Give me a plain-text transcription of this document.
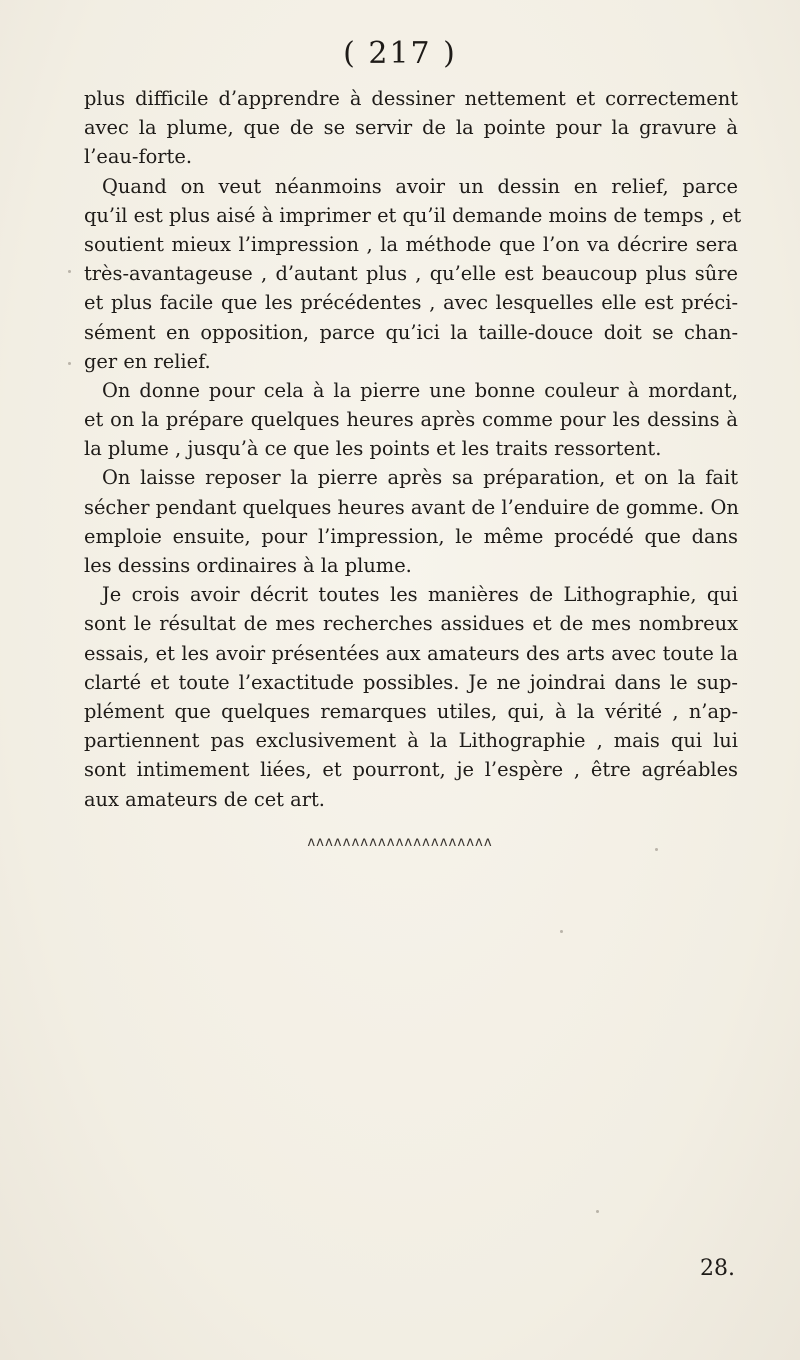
( 217 )
plus difficile d’apprendre à dessiner nettement et correctement
avec la plume, que de se servir de la pointe pour la gravure à
l’eau-forte.
Quand on veut néanmoins avoir un dessin en relief, parce
qu’il est plus aisé à imprimer et qu’il demande moins de temps , et
soutient mieux l’impression , la méthode que l’on va décrire sera
très-avantageuse , d’autant plus , qu’elle est beaucoup plus sûre
et plus facile que les précédentes , avec lesquelles elle est préci-
sément en opposition, parce qu’ici la taille-douce doit se chan-
ger en relief.
On donne pour cela à la pierre une bonne couleur à mordant,
et on la prépare quelques heures après comme pour les dessins à
la plume , jusqu’à ce que les points et les traits ressortent.
On laisse reposer la pierre après sa préparation, et on la fait
sécher pendant quelques heures avant de l’enduire de gomme. On
emploie ensuite, pour l’impression, le même procédé que dans
les dessins ordinaires à la plume.
Je crois avoir décrit toutes les manières de Lithographie, qui
sont le résultat de mes recherches assidues et de mes nombreux
essais, et les avoir présentées aux amateurs des arts avec toute la
clarté et toute l’exactitude possibles. Je ne joindrai dans le sup-
plément que quelques remarques utiles, qui, à la vérité , n’ap-
partiennent pas exclusivement à la Lithographie , mais qui lui
sont intimement liées, et pourront, je l’espère , être agréables
aux amateurs de cet art.
ʌʌʌʌʌʌʌʌʌʌʌʌʌʌʌʌʌʌʌʌʌ
28.
